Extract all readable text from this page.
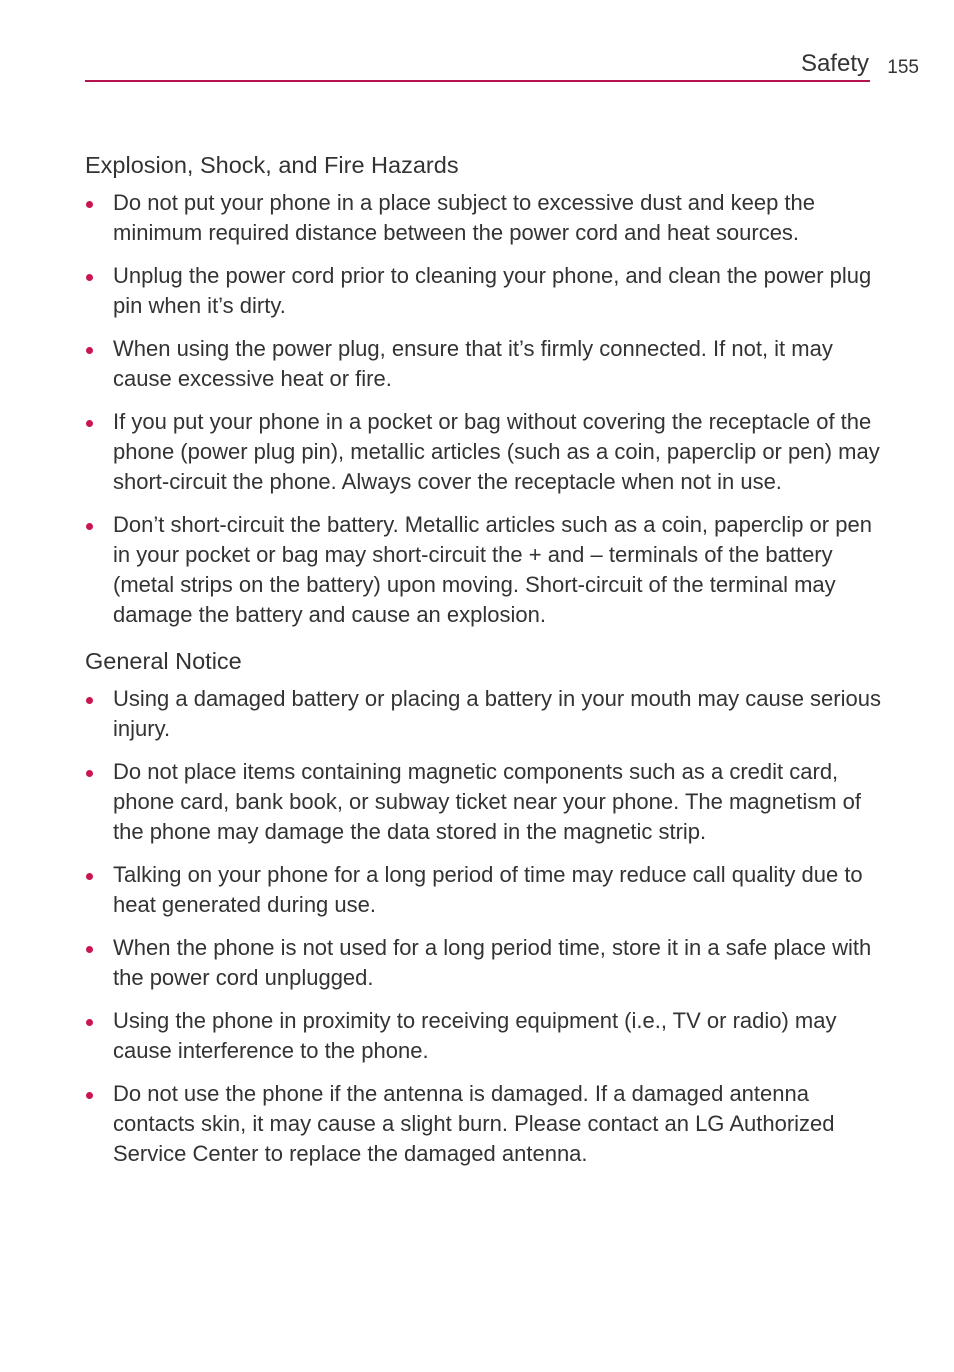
Safety 155
Explosion, Shock, and Fire Hazards
Do not put your phone in a place subject to excessive dust and keep the minimum required distance between the power cord and heat sources.
Unplug the power cord prior to cleaning your phone, and clean the power plug pin when it’s dirty.
When using the power plug, ensure that it’s firmly connected. If not, it may cause excessive heat or fire.
If you put your phone in a pocket or bag without covering the receptacle of the phone (power plug pin), metallic articles (such as a coin, paperclip or pen) may short-circuit the phone. Always cover the receptacle when not in use.
Don’t short-circuit the battery. Metallic articles such as a coin, paperclip or pen in your pocket or bag may short-circuit the + and – terminals of the battery (metal strips on the battery) upon moving. Short-circuit of the terminal may damage the battery and cause an explosion.
General Notice
Using a damaged battery or placing a battery in your mouth may cause serious injury.
Do not place items containing magnetic components such as a credit card, phone card, bank book, or subway ticket near your phone. The magnetism of the phone may damage the data stored in the magnetic strip.
Talking on your phone for a long period of time may reduce call quality due to heat generated during use.
When the phone is not used for a long period time, store it in a safe place with the power cord unplugged.
Using the phone in proximity to receiving equipment (i.e., TV or radio) may cause interference to the phone.
Do not use the phone if the antenna is damaged. If a damaged antenna contacts skin, it may cause a slight burn. Please contact an LG Authorized Service Center to replace the damaged antenna.
